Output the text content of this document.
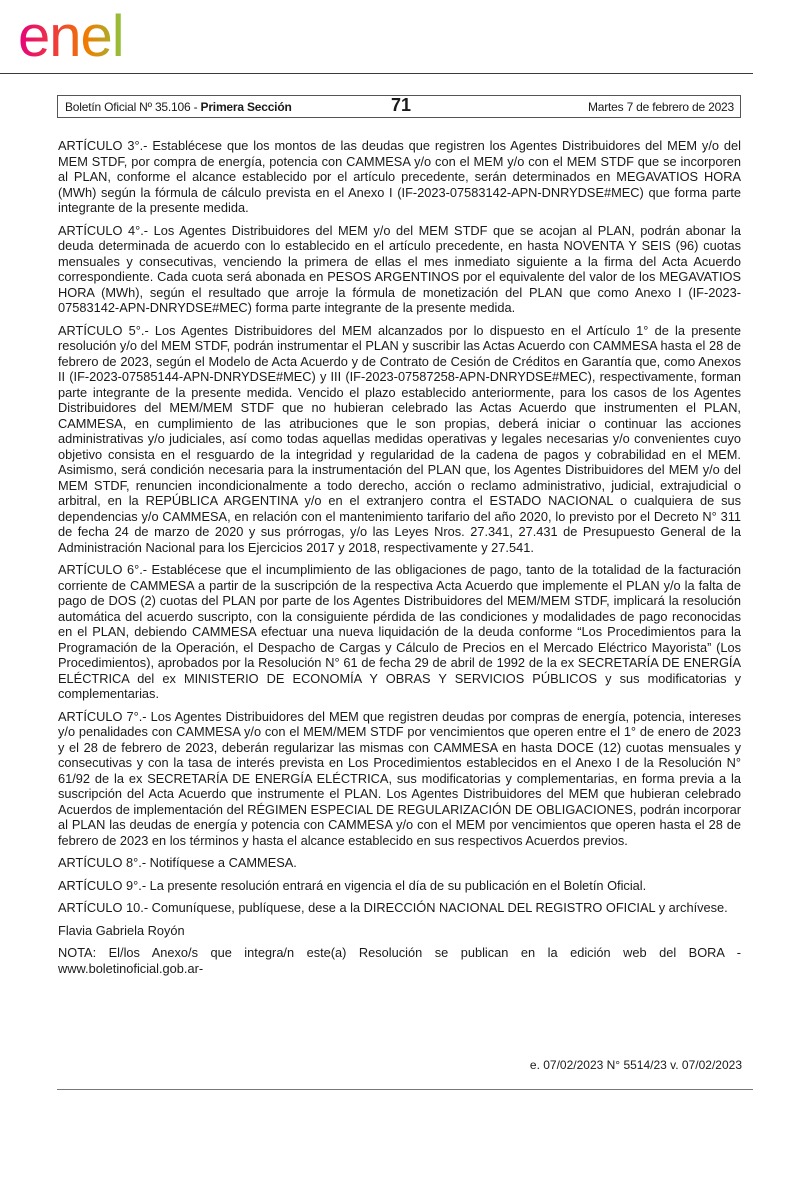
enel
Boletín Oficial Nº 35.106 - Primera Sección	71	Martes 7 de febrero de 2023

ARTÍCULO 3°.- Establécese que los montos de las deudas que registren los Agentes Distribuidores del MEM y/o del MEM STDF, por compra de energía, potencia con CAMMESA y/o con el MEM y/o con el MEM STDF que se incorporen al PLAN, conforme el alcance establecido por el artículo precedente, serán determinados en MEGAVATIOS HORA (MWh) según la fórmula de cálculo prevista en el Anexo I (IF-2023-07583142-APN-DNRYDSE#MEC) que forma parte integrante de la presente medida.

ARTÍCULO 4°.- Los Agentes Distribuidores del MEM y/o del MEM STDF que se acojan al PLAN, podrán abonar la deuda determinada de acuerdo con lo establecido en el artículo precedente, en hasta NOVENTA Y SEIS (96) cuotas mensuales y consecutivas, venciendo la primera de ellas el mes inmediato siguiente a la firma del Acta Acuerdo correspondiente. Cada cuota será abonada en PESOS ARGENTINOS por el equivalente del valor de los MEGAVATIOS HORA (MWh), según el resultado que arroje la fórmula de monetización del PLAN que como Anexo I (IF-2023-07583142-APN-DNRYDSE#MEC) forma parte integrante de la presente medida.

ARTÍCULO 5°.- Los Agentes Distribuidores del MEM alcanzados por lo dispuesto en el Artículo 1° de la presente resolución y/o del MEM STDF, podrán instrumentar el PLAN y suscribir las Actas Acuerdo con CAMMESA hasta el 28 de febrero de 2023, según el Modelo de Acta Acuerdo y de Contrato de Cesión de Créditos en Garantía que, como Anexos II (IF-2023-07585144-APN-DNRYDSE#MEC) y III (IF-2023-07587258-APN-DNRYDSE#MEC), respectivamente, forman parte integrante de la presente medida. Vencido el plazo establecido anteriormente, para los casos de los Agentes Distribuidores del MEM/MEM STDF que no hubieran celebrado las Actas Acuerdo que instrumenten el PLAN, CAMMESA, en cumplimiento de las atribuciones que le son propias, deberá iniciar o continuar las acciones administrativas y/o judiciales, así como todas aquellas medidas operativas y legales necesarias y/o convenientes cuyo objetivo consista en el resguardo de la integridad y regularidad de la cadena de pagos y cobrabilidad en el MEM. Asimismo, será condición necesaria para la instrumentación del PLAN que, los Agentes Distribuidores del MEM y/o del MEM STDF, renuncien incondicionalmente a todo derecho, acción o reclamo administrativo, judicial, extrajudicial o arbitral, en la REPÚBLICA ARGENTINA y/o en el extranjero contra el ESTADO NACIONAL o cualquiera de sus dependencias y/o CAMMESA, en relación con el mantenimiento tarifario del año 2020, lo previsto por el Decreto N° 311 de fecha 24 de marzo de 2020 y sus prórrogas, y/o las Leyes Nros. 27.341, 27.431 de Presupuesto General de la Administración Nacional para los Ejercicios 2017 y 2018, respectivamente y 27.541.

ARTÍCULO 6°.- Establécese que el incumplimiento de las obligaciones de pago, tanto de la totalidad de la facturación corriente de CAMMESA a partir de la suscripción de la respectiva Acta Acuerdo que implemente el PLAN y/o la falta de pago de DOS (2) cuotas del PLAN por parte de los Agentes Distribuidores del MEM/MEM STDF, implicará la resolución automática del acuerdo suscripto, con la consiguiente pérdida de las condiciones y modalidades de pago reconocidas en el PLAN, debiendo CAMMESA efectuar una nueva liquidación de la deuda conforme “Los Procedimientos para la Programación de la Operación, el Despacho de Cargas y Cálculo de Precios en el Mercado Eléctrico Mayorista” (Los Procedimientos), aprobados por la Resolución N° 61 de fecha 29 de abril de 1992 de la ex SECRETARÍA DE ENERGÍA ELÉCTRICA del ex MINISTERIO DE ECONOMÍA Y OBRAS Y SERVICIOS PÚBLICOS y sus modificatorias y complementarias.

ARTÍCULO 7°.- Los Agentes Distribuidores del MEM que registren deudas por compras de energía, potencia, intereses y/o penalidades con CAMMESA y/o con el MEM/MEM STDF por vencimientos que operen entre el 1° de enero de 2023 y el 28 de febrero de 2023, deberán regularizar las mismas con CAMMESA en hasta DOCE (12) cuotas mensuales y consecutivas y con la tasa de interés prevista en Los Procedimientos establecidos en el Anexo I de la Resolución N° 61/92 de la ex SECRETARÍA DE ENERGÍA ELÉCTRICA, sus modificatorias y complementarias, en forma previa a la suscripción del Acta Acuerdo que instrumente el PLAN. Los Agentes Distribuidores del MEM que hubieran celebrado Acuerdos de implementación del RÉGIMEN ESPECIAL DE REGULARIZACIÓN DE OBLIGACIONES, podrán incorporar al PLAN las deudas de energía y potencia con CAMMESA y/o con el MEM por vencimientos que operen hasta el 28 de febrero de 2023 en los términos y hasta el alcance establecido en sus respectivos Acuerdos previos.

ARTÍCULO 8°.- Notifíquese a CAMMESA.

ARTÍCULO 9°.- La presente resolución entrará en vigencia el día de su publicación en el Boletín Oficial.

ARTÍCULO 10.- Comuníquese, publíquese, dese a la DIRECCIÓN NACIONAL DEL REGISTRO OFICIAL y archívese.

Flavia Gabriela Royón

NOTA: El/los Anexo/s que integra/n este(a) Resolución se publican en la edición web del BORA -www.boletinoficial.gob.ar-

e. 07/02/2023 N° 5514/23 v. 07/02/2023
